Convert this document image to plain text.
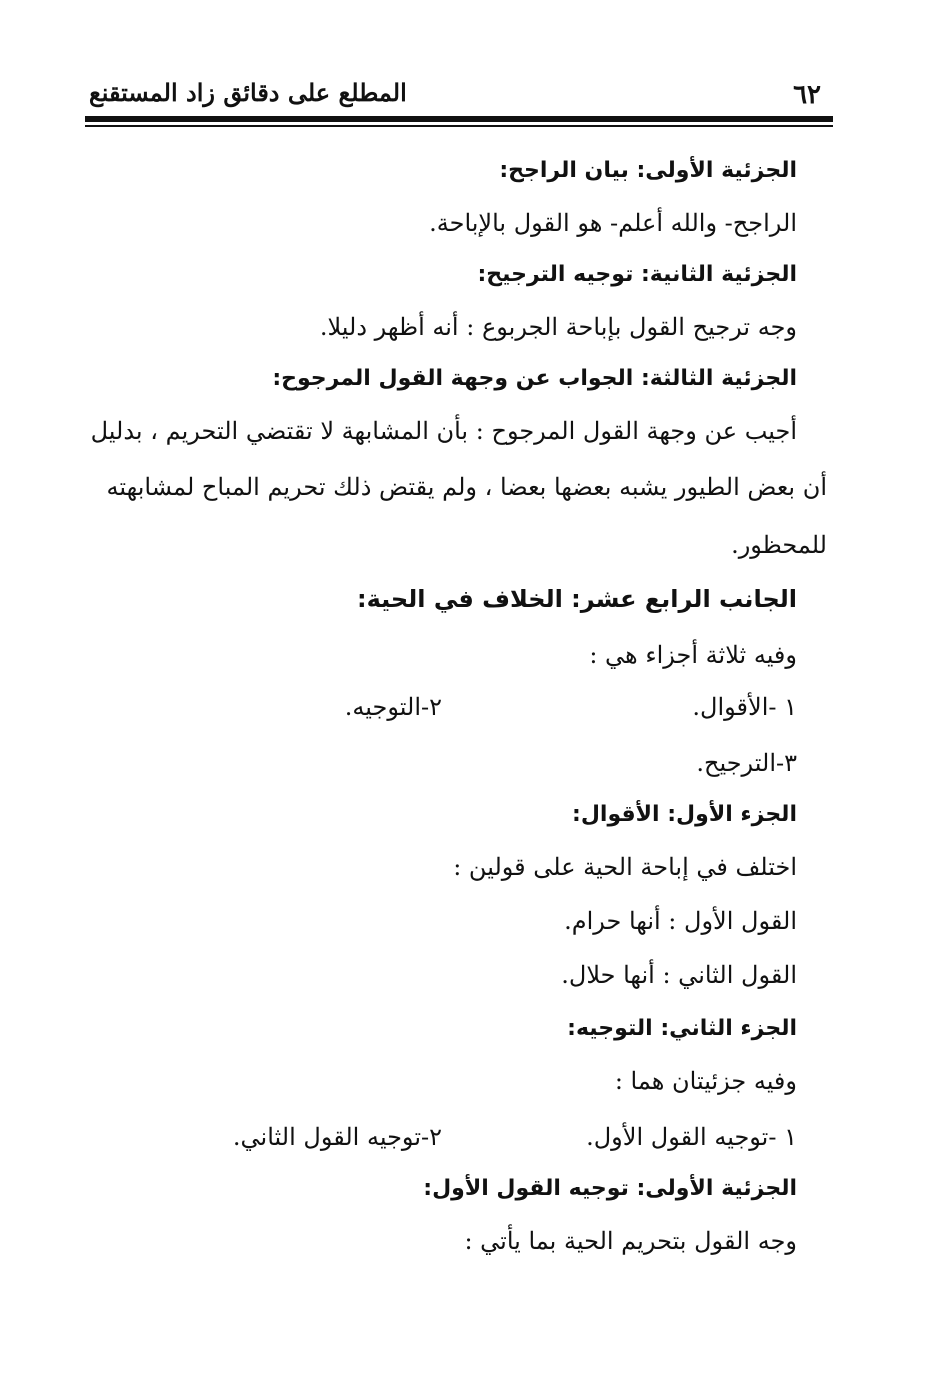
٦٢
المطلع على دقائق زاد المستقنع
الجزئية الأولى: بيان الراجح:
الراجح- والله أعلم- هو القول بالإباحة.
الجزئية الثانية: توجيه الترجيح:
وجه ترجيح القول بإباحة الجربوع : أنه أظهر دليلا.
الجزئية الثالثة: الجواب عن وجهة القول المرجوح:
أجيب عن وجهة القول المرجوح : بأن المشابهة لا تقتضي التحريم ، بدليل
أن بعض الطيور يشبه بعضها بعضا ، ولم يقتض ذلك تحريم المباح لمشابهته
للمحظور.
الجانب الرابع عشر: الخلاف في الحية:
وفيه ثلاثة أجزاء هي :
١ -الأقوال.
٢-التوجيه.
٣-الترجيح.
الجزء الأول: الأقوال:
اختلف في إباحة الحية على قولين :
القول الأول : أنها حرام.
القول الثاني : أنها حلال.
الجزء الثاني: التوجيه:
وفيه جزئيتان هما :
١ -توجيه القول الأول.
٢-توجيه القول الثاني.
الجزئية الأولى: توجيه القول الأول:
وجه القول بتحريم الحية بما يأتي :
